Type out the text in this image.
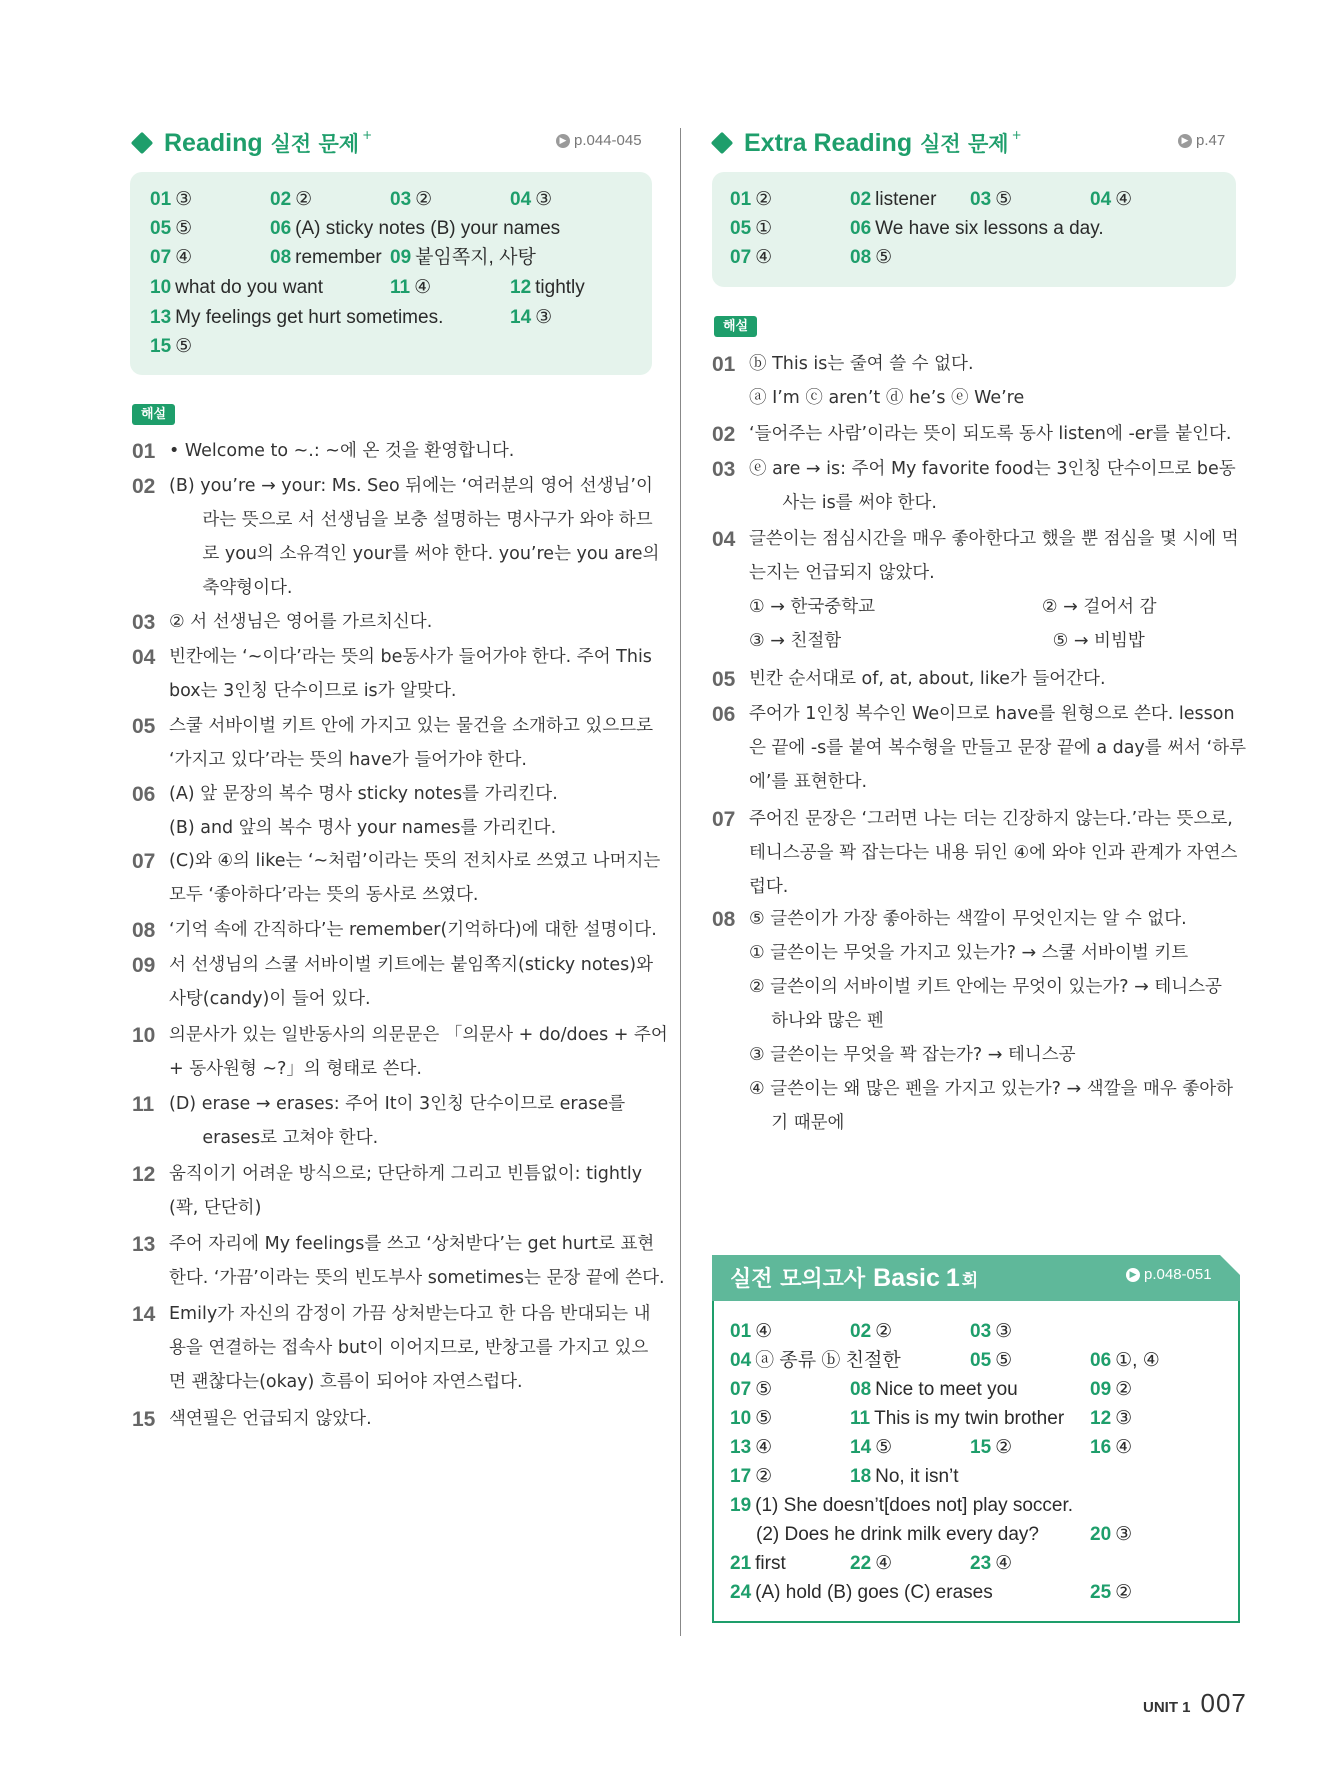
Reading 실전 문제 +	▶ p.044-045
01 ③	02 ②	03 ②	04 ③
05 ⑤	06 (A) sticky notes (B) your names
07 ④	08 remember 09 붙임쪽지, 사탕
10 what do you want	11 ④	12 tightly
13 My feelings get hurt sometimes.	14 ③
15 ⑤
해설
01 • Welcome to ~.: ~에 온 것을 환영합니다.
02 (B) you’re → your: Ms. Seo 뒤에는 ‘여러분의 영어 선생님’이
라는 뜻으로 서 선생님을 보충 설명하는 명사구가 와야 하므
로 you의 소유격인 your를 써야 한다. you’re는 you are의
축약형이다.
03 ② 서 선생님은 영어를 가르치신다.
04 빈칸에는 ‘~이다’라는 뜻의 be동사가 들어가야 한다. 주어 This
box는 3인칭 단수이므로 is가 알맞다.
05 스쿨 서바이벌 키트 안에 가지고 있는 물건을 소개하고 있으므로
‘가지고 있다’라는 뜻의 have가 들어가야 한다.
06 (A) 앞 문장의 복수 명사 sticky notes를 가리킨다.
(B) and 앞의 복수 명사 your names를 가리킨다.
07 (C)와 ④의 like는 ‘~처럼’이라는 뜻의 전치사로 쓰였고 나머지는
모두 ‘좋아하다’라는 뜻의 동사로 쓰였다.
08 ‘기억 속에 간직하다’는 remember(기억하다)에 대한 설명이다.
09 서 선생님의 스쿨 서바이벌 키트에는 붙임쪽지(sticky notes)와
사탕(candy)이 들어 있다.
10 의문사가 있는 일반동사의 의문문은 「의문사 + do/does + 주어
+ 동사원형 ~?」의 형태로 쓴다.
11 (D) erase → erases: 주어 It이 3인칭 단수이므로 erase를
erases로 고쳐야 한다.
12 움직이기 어려운 방식으로; 단단하게 그리고 빈틈없이: tightly
(꽉, 단단히)
13 주어 자리에 My feelings를 쓰고 ‘상처받다’는 get hurt로 표현
한다. ‘가끔’이라는 뜻의 빈도부사 sometimes는 문장 끝에 쓴다.
14 Emily가 자신의 감정이 가끔 상처받는다고 한 다음 반대되는 내
용을 연결하는 접속사 but이 이어지므로, 반창고를 가지고 있으
면 괜찮다는(okay) 흐름이 되어야 자연스럽다.
15 색연필은 언급되지 않았다.
Extra Reading 실전 문제 +	▶ p.47
01 ②	02 listener 03 ⑤	04 ④
05 ①	06 We have six lessons a day.
07 ④	08 ⑤
해설
01 ⓑ This is는 줄여 쓸 수 없다.
ⓐ I’m ⓒ aren’t ⓓ he’s ⓔ We’re
02 ‘들어주는 사람’이라는 뜻이 되도록 동사 listen에 -er를 붙인다.
03 ⓔ are → is: 주어 My favorite food는 3인칭 단수이므로 be동
사는 is를 써야 한다.
04 글쓴이는 점심시간을 매우 좋아한다고 했을 뿐 점심을 몇 시에 먹
는지는 언급되지 않았다.
① → 한국중학교                              ② → 걸어서 감
③ → 친절함                                      ⑤ → 비빔밥
05 빈칸 순서대로 of, at, about, like가 들어간다.
06 주어가 1인칭 복수인 We이므로 have를 원형으로 쓴다. lesson
은 끝에 -s를 붙여 복수형을 만들고 문장 끝에 a day를 써서 ‘하루
에’를 표현한다.
07 주어진 문장은 ‘그러면 나는 더는 긴장하지 않는다.’라는 뜻으로,
테니스공을 꽉 잡는다는 내용 뒤인 ④에 와야 인과 관계가 자연스
럽다.
08 ⑤ 글쓴이가 가장 좋아하는 색깔이 무엇인지는 알 수 없다.
① 글쓴이는 무엇을 가지고 있는가? → 스쿨 서바이벌 키트
② 글쓴이의 서바이벌 키트 안에는 무엇이 있는가? → 테니스공
하나와 많은 펜
③ 글쓴이는 무엇을 꽉 잡는가? → 테니스공
④ 글쓴이는 왜 많은 펜을 가지고 있는가? → 색깔을 매우 좋아하
기 때문에
실전 모의고사 Basic 1 회	▶ p.048-051
01 ④	02 ②	03 ③
04 ⓐ 종류 ⓑ 친절한	05 ⑤	06 ①, ④
07 ⑤	08 Nice to meet you	09 ②
10 ⑤	11 This is my twin brother 12 ③
13 ④	14 ⑤	15 ②	16 ④
17 ②	18 No, it isn’t
19 (1) She doesn’t[does not] play soccer.
(2) Does he drink milk every day?	20 ③
21 first	22 ④	23 ④
24 (A) hold (B) goes (C) erases	25 ②
UNIT 1 007
